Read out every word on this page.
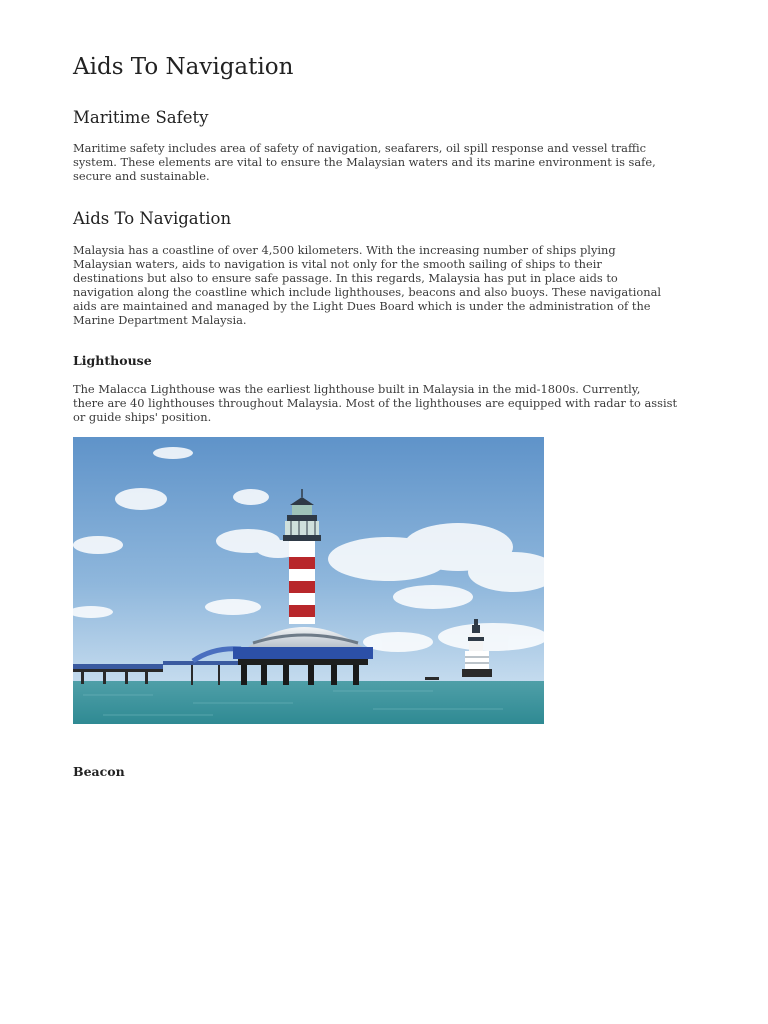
Aids To Navigation
Maritime Safety

Maritime safety includes area of safety of navigation, seafarers, oil spill response and vessel traffic
system. These elements are vital to ensure the Malaysian waters and its marine environment is safe,
secure and sustainable.

Aids To Navigation

Malaysia has a coastline of over 4,500 kilometers. With the increasing number of ships plying
Malaysian waters, aids to navigation is vital not only for the smooth sailing of ships to their
destinations but also to ensure safe passage. In this regards, Malaysia has put in place aids to
navigation along the coastline which include lighthouses, beacons and also buoys. These navigational
aids are maintained and managed by the Light Dues Board which is under the administration of the
Marine Department Malaysia.

Lighthouse

The Malacca Lighthouse was the earliest lighthouse built in Malaysia in the mid-1800s. Currently,
there are 40 lighthouses throughout Malaysia. Most of the lighthouses are equipped with radar to assist
or guide ships' position.

Beacon
